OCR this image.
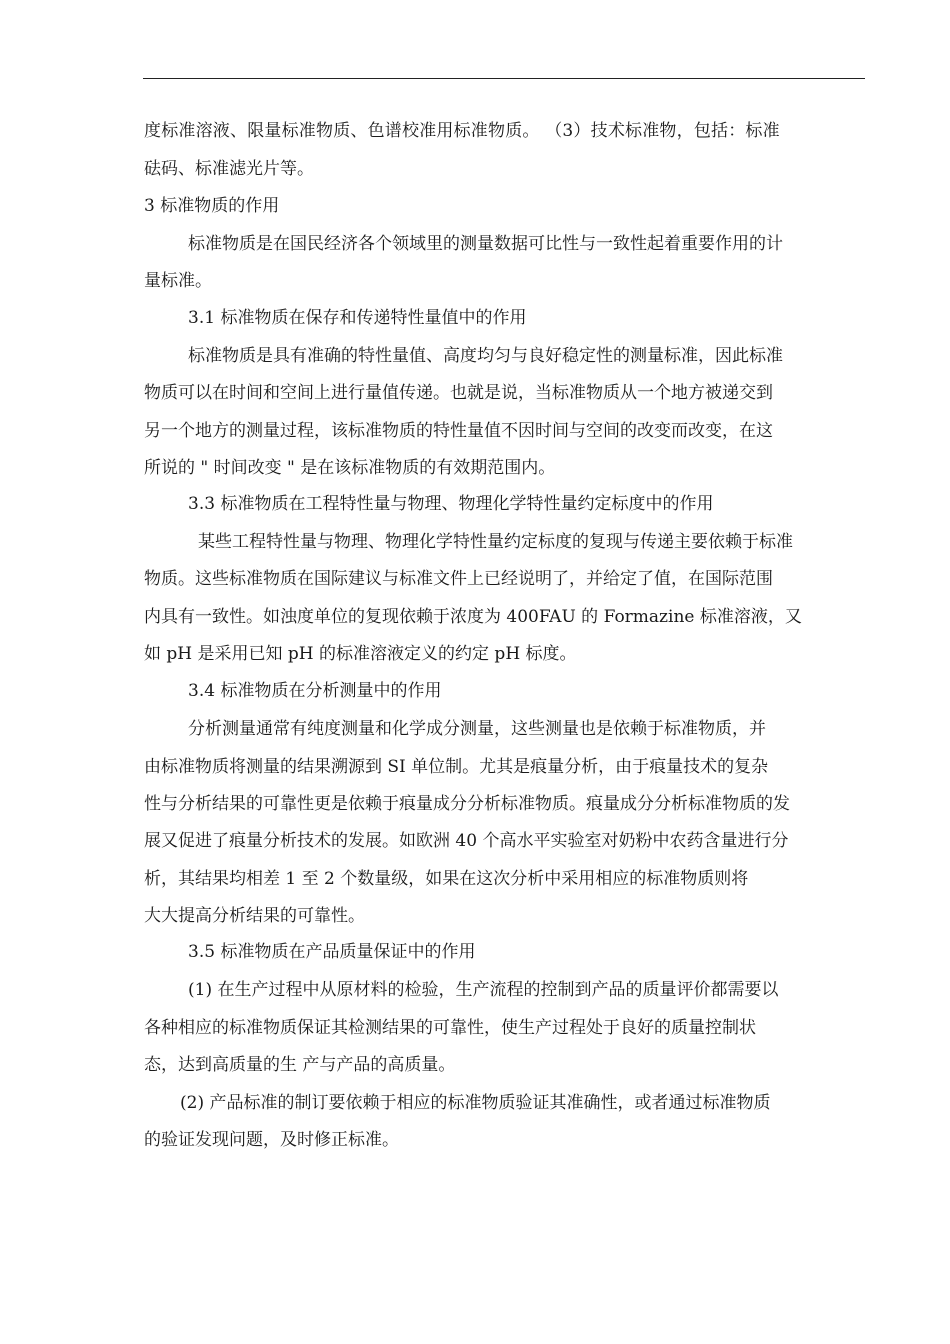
度标准溶液、限量标准物质、色谱校准用标准物质。 （3）技术标准物，包括：标准
砝码、标准滤光片等。
3 标准物质的作用
标准物质是在国民经济各个领域里的测量数据可比性与一致性起着重要作用的计
量标准。
3.1 标准物质在保存和传递特性量值中的作用
标准物质是具有准确的特性量值、高度均匀与良好稳定性的测量标准，因此标准
物质可以在时间和空间上进行量值传递。也就是说，当标准物质从一个地方被递交到
另一个地方的测量过程，该标准物质的特性量值不因时间与空间的改变而改变，在这
所说的 " 时间改变 " 是在该标准物质的有效期范围内。
3.3 标准物质在工程特性量与物理、物理化学特性量约定标度中的作用
某些工程特性量与物理、物理化学特性量约定标度的复现与传递主要依赖于标准
物质。这些标准物质在国际建议与标准文件上已经说明了，并给定了值，在国际范围
内具有一致性。如浊度单位的复现依赖于浓度为 400FAU 的 Formazine 标准溶液，又
如 pH 是采用已知 pH 的标准溶液定义的约定 pH 标度。
3.4 标准物质在分析测量中的作用
分析测量通常有纯度测量和化学成分测量，这些测量也是依赖于标准物质，并
由标准物质将测量的结果溯源到 SI 单位制。尤其是痕量分析，由于痕量技术的复杂
性与分析结果的可靠性更是依赖于痕量成分分析标准物质。痕量成分分析标准物质的发
展又促进了痕量分析技术的发展。如欧洲 40 个高水平实验室对奶粉中农药含量进行分
析，其结果均相差 1 至 2 个数量级，如果在这次分析中采用相应的标准物质则将
大大提高分析结果的可靠性。
3.5 标准物质在产品质量保证中的作用
(1) 在生产过程中从原材料的检验，生产流程的控制到产品的质量评价都需要以
各种相应的标准物质保证其检测结果的可靠性，使生产过程处于良好的质量控制状
态，达到高质量的生 产与产品的高质量。
(2) 产品标准的制订要依赖于相应的标准物质验证其准确性，或者通过标准物质
的验证发现问题，及时修正标准。
